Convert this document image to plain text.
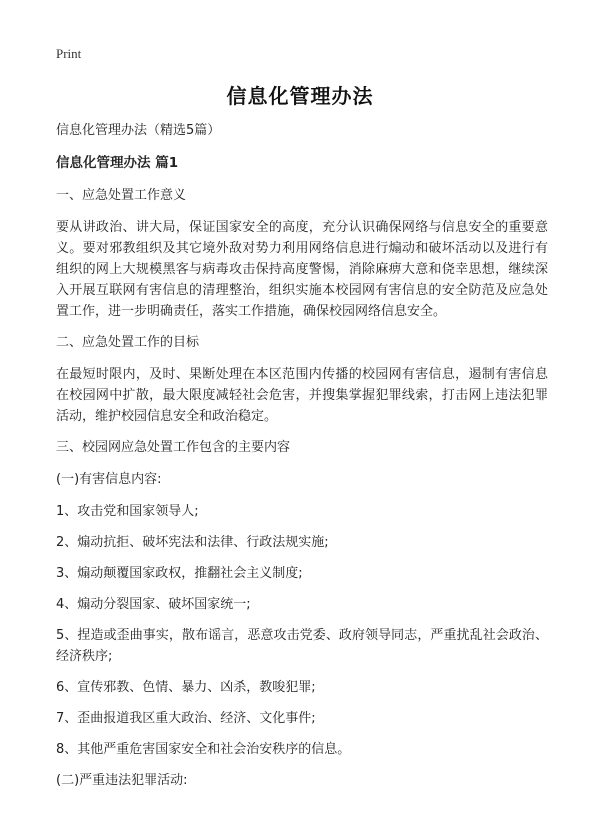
Print
信息化管理办法

信息化管理办法（精选5篇）

信息化管理办法 篇1

一、应急处置工作意义

要从讲政治、讲大局，保证国家安全的高度，充分认识确保网络与信息安全的重要意义。要对邪教组织及其它境外敌对势力利用网络信息进行煽动和破坏活动以及进行有组织的网上大规模黑客与病毒攻击保持高度警惕，消除麻痹大意和侥幸思想，继续深入开展互联网有害信息的清理整治，组织实施本校园网有害信息的安全防范及应急处置工作，进一步明确责任，落实工作措施，确保校园网络信息安全。

二、应急处置工作的目标

在最短时限内，及时、果断处理在本区范围内传播的校园网有害信息，遏制有害信息在校园网中扩散，最大限度减轻社会危害，并搜集掌握犯罪线索，打击网上违法犯罪活动，维护校园信息安全和政治稳定。

三、校园网应急处置工作包含的主要内容

(一)有害信息内容:

1、攻击党和国家领导人;

2、煽动抗拒、破坏宪法和法律、行政法规实施;

3、煽动颠覆国家政权，推翻社会主义制度;

4、煽动分裂国家、破坏国家统一;

5、捏造或歪曲事实，散布谣言，恶意攻击党委、政府领导同志，严重扰乱社会政治、经济秩序;

6、宣传邪教、色情、暴力、凶杀，教唆犯罪;

7、歪曲报道我区重大政治、经济、文化事件;

8、其他严重危害国家安全和社会治安秩序的信息。

(二)严重违法犯罪活动:
